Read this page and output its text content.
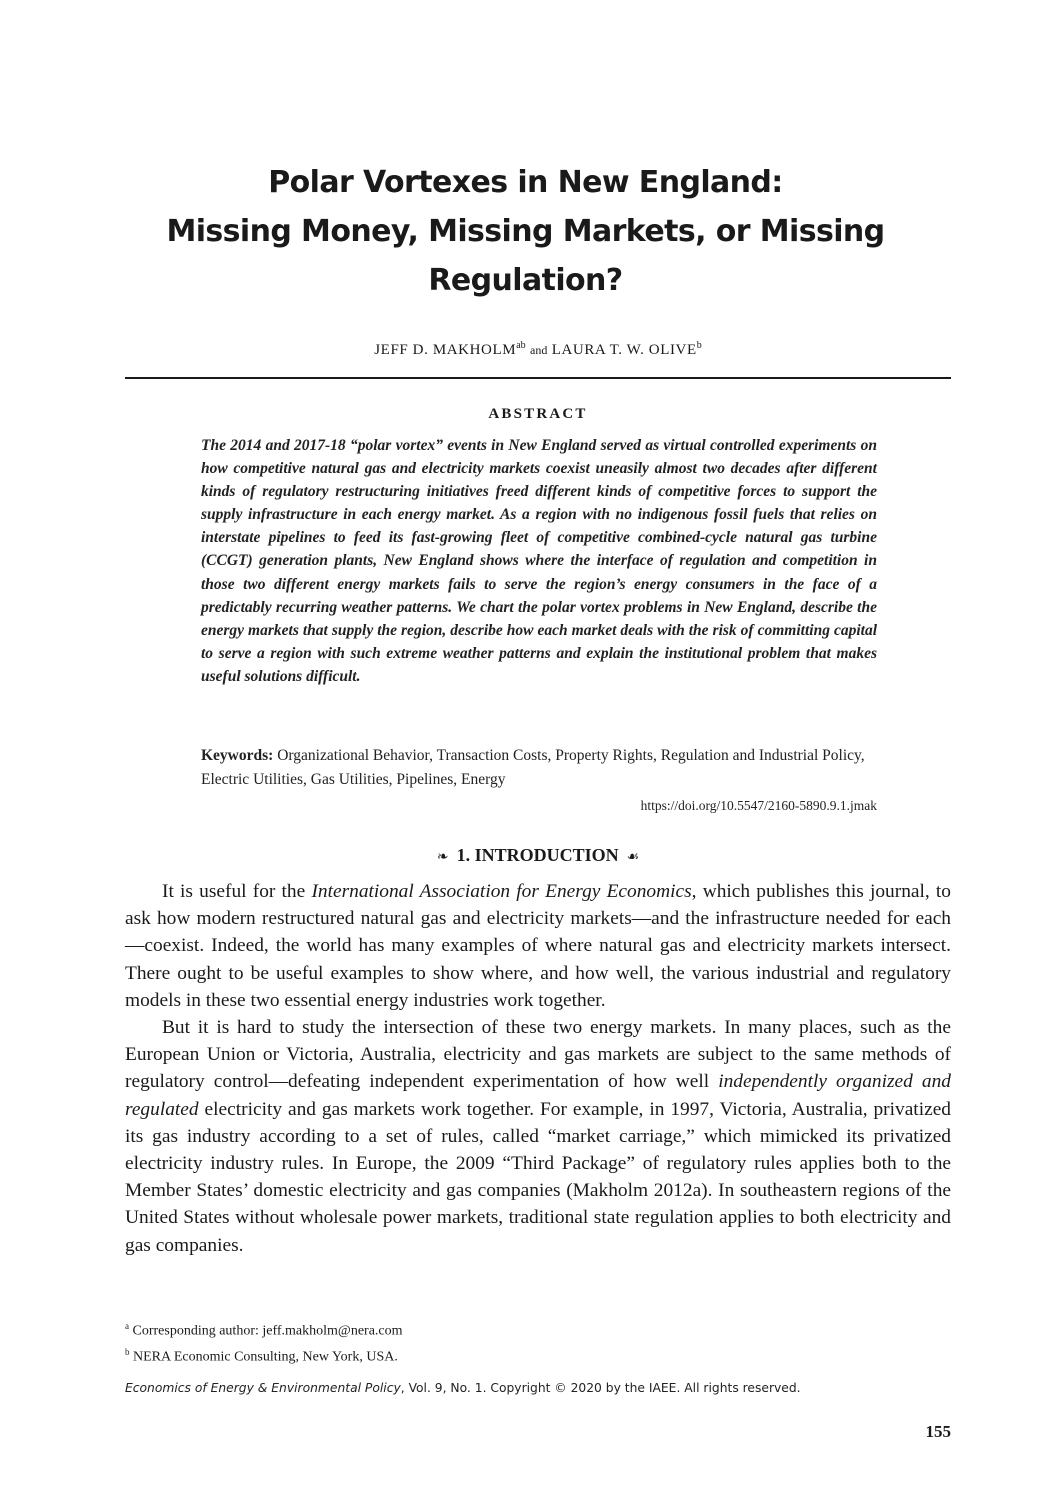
Polar Vortexes in New England:
Missing Money, Missing Markets, or Missing
Regulation?

JEFF D. $MAKHOLM^{ab}$ and LAURA T. W. OLIVE$^b$

ABSTRACT

The 2014 and 2017-18 “polar vortex” events in New England served as virtual controlled experiments on how competitive natural gas and electricity markets coexist uneasily almost two decades after different kinds of regulatory restructuring initiatives freed different kinds of competitive forces to support the supply infrastructure in each energy market. As a region with no indigenous fossil fuels that relies on interstate pipelines to feed its fast-growing fleet of competitive combined-cycle natural gas turbine (CCGT) generation plants, New England shows where the interface of regulation and competition in those two different energy markets fails to serve the region’s energy consumers in the face of a predictably recurring weather patterns. We chart the polar vortex problems in New England, describe the energy markets that supply the region, describe how each market deals with the risk of committing capital to serve a region with such extreme weather patterns and explain the institutional problem that makes useful solutions difficult.

Keywords: Organizational Behavior, Transaction Costs, Property Rights, Regulation and Industrial Policy, Electric Utilities, Gas Utilities, Pipelines, Energy

https://doi.org/10.5547/2160-5890.9.1.jmak

❧ 1. INTRODUCTION ☙

It is useful for the International Association for Energy Economics, which publishes this journal, to ask how modern restructured natural gas and electricity markets—and the infrastructure needed for each—coexist. Indeed, the world has many examples of where natural gas and electricity markets intersect. There ought to be useful examples to show where, and how well, the various industrial and regulatory models in these two essential energy industries work together.

But it is hard to study the intersection of these two energy markets. In many places, such as the European Union or Victoria, Australia, electricity and gas markets are subject to the same methods of regulatory control—defeating independent experimentation of how well independently organized and regulated electricity and gas markets work together. For example, in 1997, Victoria, Australia, privatized its gas industry according to a set of rules, called “market carriage,” which mimicked its privatized electricity industry rules. In Europe, the 2009 “Third Package” of regulatory rules applies both to the Member States’ domestic electricity and gas companies (Makholm 2012a). In southeastern regions of the United States without wholesale power markets, traditional state regulation applies to both electricity and gas companies.

$^a$ Corresponding author: jeff.makholm@nera.com

$^b$ NERA Economic Consulting, New York, USA.

Economics of Energy & Environmental Policy, Vol. 9, No. 1. Copyright © 2020 by the IAEE. All rights reserved.

155
